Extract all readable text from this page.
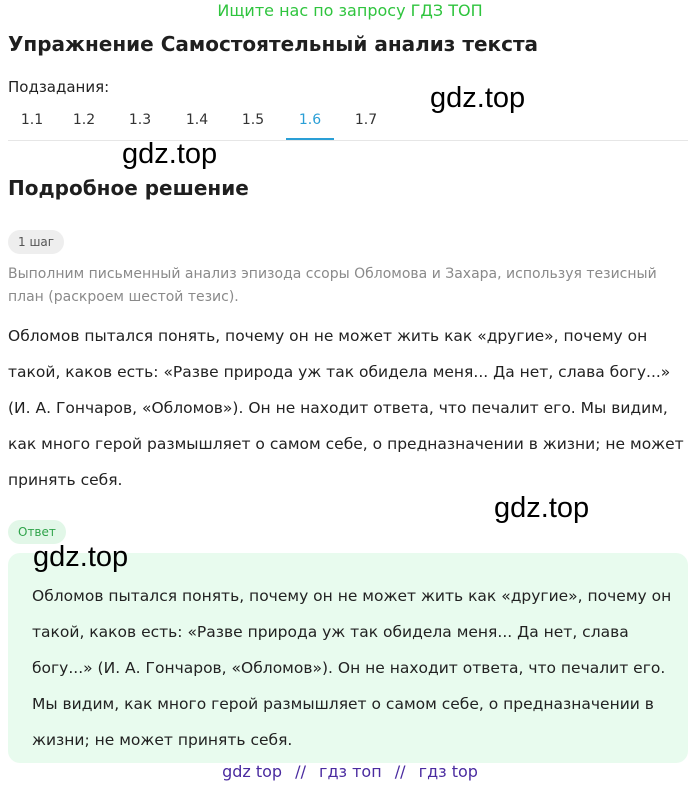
Ищите нас по запросу ГДЗ ТОП
Упражнение Самостоятельный анализ текста
Подзадания:
1.1	1.2	1.3	1.4	1.5	1.6	1.7
gdz.top
gdz.top
Подробное решение
1 шаг
Выполним письменный анализ эпизода ссоры Обломова и Захара, используя тезисный план (раскроем шестой тезис).
Обломов пытался понять, почему он не может жить как «другие», почему он такой, каков есть: «Разве природа уж так обидела меня... Да нет, слава богу...» (И. А. Гончаров, «Обломов»). Он не находит ответа, что печалит его. Мы видим, как много герой размышляет о самом себе, о предназначении в жизни; не может принять себя.
gdz.top
Ответ
Обломов пытался понять, почему он не может жить как «другие», почему он такой, каков есть: «Разве природа уж так обидела меня... Да нет, слава богу...» (И. А. Гончаров, «Обломов»). Он не находит ответа, что печалит его. Мы видим, как много герой размышляет о самом себе, о предназначении в жизни; не может принять себя.
gdz.top
gdz top // гдз топ // гдз top
